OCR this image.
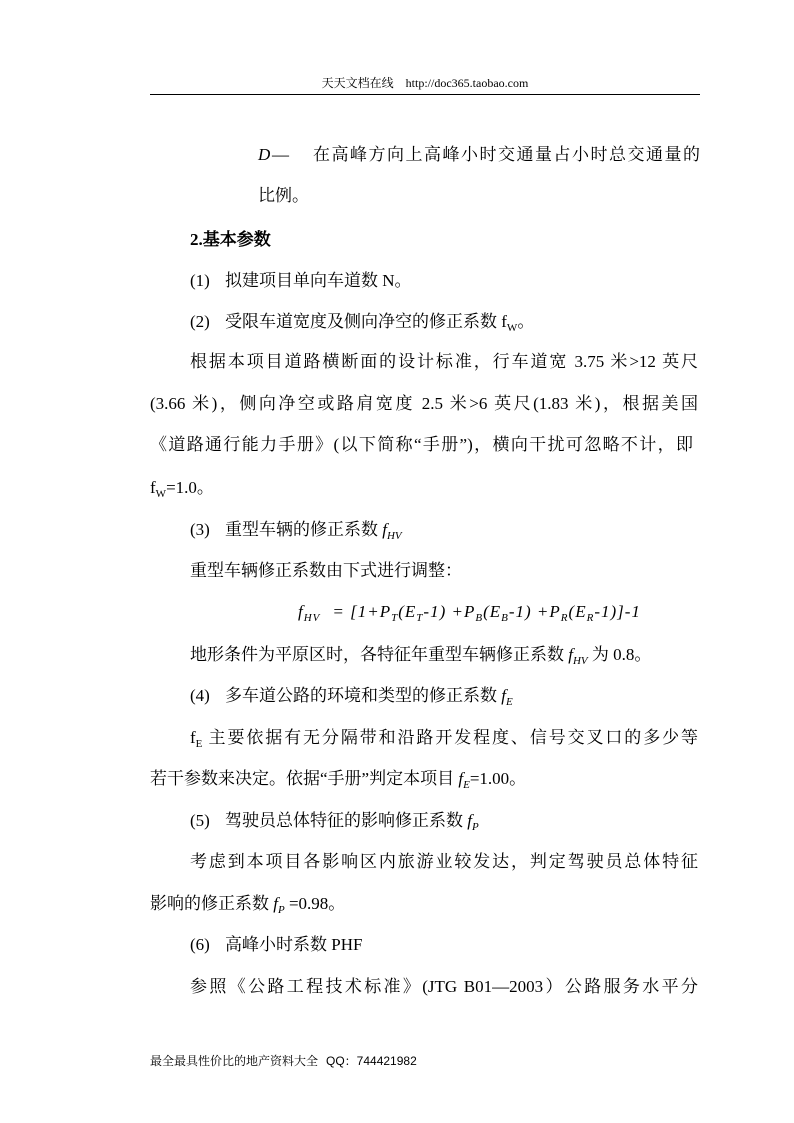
天天文档在线 http://doc365.taobao.com
D — 在高峰方向上高峰小时交通量占小时总交通量的
比例。
2.基本参数
(1) 拟建项目单向车道数 N。
(2) 受限车道宽度及侧向净空的修正系数 $f_W$。
根据本项目道路横断面的设计标准，行车道宽 3.75 米>12 英尺
(3.66 米)，侧向净空或路肩宽度 2.5 米>6 英尺(1.83 米)，根据美国
《道路通行能力手册》(以下简称“手册”)，横向干扰可忽略不计，即
$f_W=1.0$。
(3) 重型车辆的修正系数 $f_{HV}$
重型车辆修正系数由下式进行调整：
$f_{HV} = [1+P_T(E_T-1) +P_B(E_B-1) +P_R(E_R-1)]-1$
地形条件为平原区时，各特征年重型车辆修正系数 $f_{HV}$ 为 0.8。
(4) 多车道公路的环境和类型的修正系数 $f_E$
$f_E$ 主要依据有无分隔带和沿路开发程度、信号交叉口的多少等
若干参数来决定。依据“手册”判定本项目 $f_E=1.00$。
(5) 驾驶员总体特征的影响修正系数 $f_P$
考虑到本项目各影响区内旅游业较发达，判定驾驶员总体特征
影响的修正系数 $f_P =0.98$。
(6) 高峰小时系数 PHF
参照《公路工程技术标准》(JTG B01—2003）公路服务水平分
最全最具性价比的地产资料大全 QQ：744421982
